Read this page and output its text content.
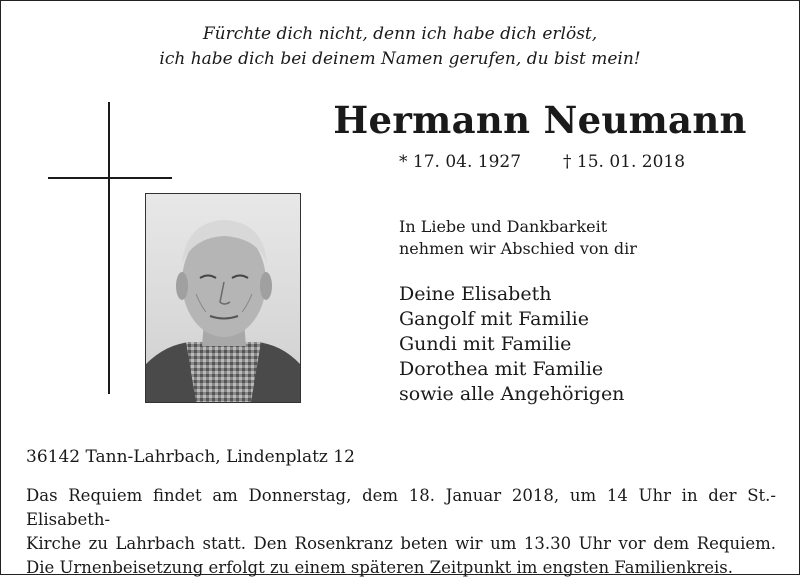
Fürchte dich nicht, denn ich habe dich erlöst,
ich habe dich bei deinem Namen gerufen, du bist mein!
Hermann Neumann
* 17. 04. 1927 † 15. 01. 2018
In Liebe und Dankbarkeit
nehmen wir Abschied von dir
Deine Elisabeth
Gangolf mit Familie
Gundi mit Familie
Dorothea mit Familie
sowie alle Angehörigen
36142 Tann-Lahrbach, Lindenplatz 12
Das Requiem findet am Donnerstag, dem 18. Januar 2018, um 14 Uhr in der St.-Elisabeth-
Kirche zu Lahrbach statt. Den Rosenkranz beten wir um 13.30 Uhr vor dem Requiem.
Die Urnenbeisetzung erfolgt zu einem späteren Zeitpunkt im engsten Familienkreis.
